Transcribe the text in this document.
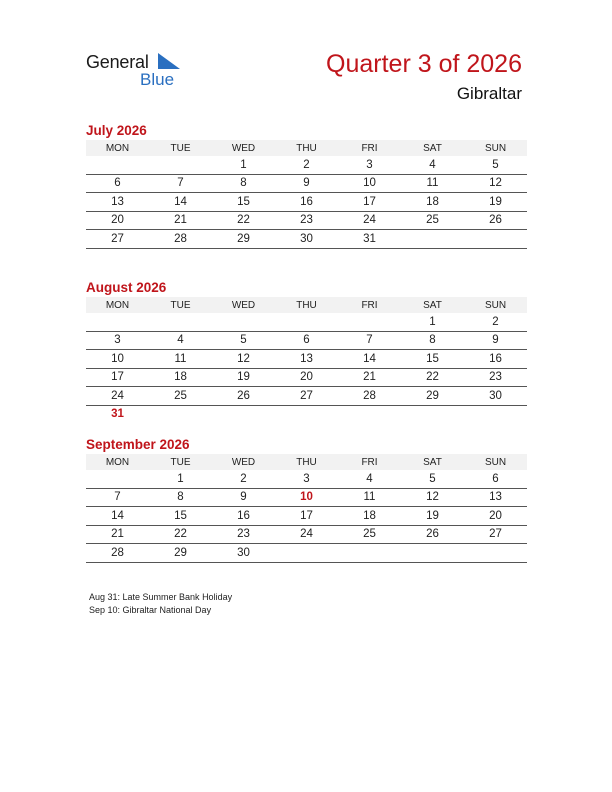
General
Blue
Quarter 3 of 2026
Gibraltar
July 2026
MON	TUE	WED	THU	FRI	SAT	SUN
		1	2	3	4	5
6	7	8	9	10	11	12
13	14	15	16	17	18	19
20	21	22	23	24	25	26
27	28	29	30	31		
August 2026
MON	TUE	WED	THU	FRI	SAT	SUN
					1	2
3	4	5	6	7	8	9
10	11	12	13	14	15	16
17	18	19	20	21	22	23
24	25	26	27	28	29	30
31						
September 2026
MON	TUE	WED	THU	FRI	SAT	SUN
	1	2	3	4	5	6
7	8	9	10	11	12	13
14	15	16	17	18	19	20
21	22	23	24	25	26	27
28	29	30				
Aug 31: Late Summer Bank Holiday
Sep 10: Gibraltar National Day
